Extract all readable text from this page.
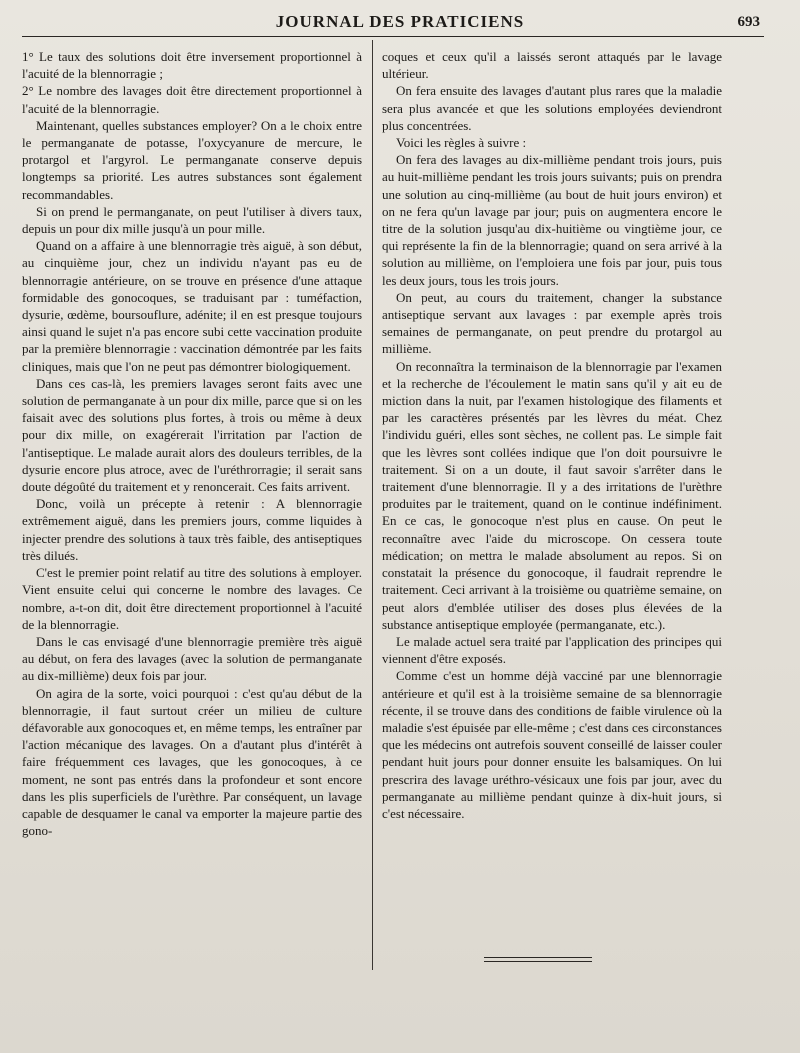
JOURNAL DES PRATICIENS	693

1° Le taux des solutions doit être inversement proportionnel à l'acuité de la blennorragie ;

2° Le nombre des lavages doit être directement proportionnel à l'acuité de la blennorragie.

Maintenant, quelles substances employer? On a le choix entre le permanganate de potasse, l'oxycyanure de mercure, le protargol et l'argyrol. Le permanganate conserve depuis longtemps sa priorité. Les autres substances sont également recommandables.

Si on prend le permanganate, on peut l'utiliser à divers taux, depuis un pour dix mille jusqu'à un pour mille.

Quand on a affaire à une blennorragie très aiguë, à son début, au cinquième jour, chez un individu n'ayant pas eu de blennorragie antérieure, on se trouve en présence d'une attaque formidable des gonocoques, se traduisant par : tuméfaction, dysurie, œdème, boursouflure, adénite; il en est presque toujours ainsi quand le sujet n'a pas encore subi cette vaccination produite par la première blennorragie : vaccination démontrée par les faits cliniques, mais que l'on ne peut pas démontrer biologiquement.

Dans ces cas-là, les premiers lavages seront faits avec une solution de permanganate à un pour dix mille, parce que si on les faisait avec des solutions plus fortes, à trois ou même à deux pour dix mille, on exagérerait l'irritation par l'action de l'antiseptique. Le malade aurait alors des douleurs terribles, de la dysurie encore plus atroce, avec de l'uréthrorragie; il serait sans doute dégoûté du traitement et y renoncerait. Ces faits arrivent.

Donc, voilà un précepte à retenir : A blennorragie extrêmement aiguë, dans les premiers jours, comme liquides à injecter prendre des solutions à taux très faible, des antiseptiques très dilués.

C'est le premier point relatif au titre des solutions à employer. Vient ensuite celui qui concerne le nombre des lavages. Ce nombre, a-t-on dit, doit être directement proportionnel à l'acuité de la blennorragie.

Dans le cas envisagé d'une blennorragie première très aiguë au début, on fera des lavages (avec la solution de permanganate au dix-millième) deux fois par jour.

On agira de la sorte, voici pourquoi : c'est qu'au début de la blennorragie, il faut surtout créer un milieu de culture défavorable aux gonocoques et, en même temps, les entraîner par l'action mécanique des lavages. On a d'autant plus d'intérêt à faire fréquemment ces lavages, que les gonocoques, à ce moment, ne sont pas entrés dans la profondeur et sont encore dans les plis superficiels de l'urèthre. Par conséquent, un lavage capable de desquamer le canal va emporter la majeure partie des gono-

coques et ceux qu'il a laissés seront attaqués par le lavage ultérieur.

On fera ensuite des lavages d'autant plus rares que la maladie sera plus avancée et que les solutions employées deviendront plus concentrées.

Voici les règles à suivre :

On fera des lavages au dix-millième pendant trois jours, puis au huit-millième pendant les trois jours suivants; puis on prendra une solution au cinq-millième (au bout de huit jours environ) et on ne fera qu'un lavage par jour; puis on augmentera encore le titre de la solution jusqu'au dix-huitième ou vingtième jour, ce qui représente la fin de la blennorragie; quand on sera arrivé à la solution au millième, on l'emploiera une fois par jour, puis tous les deux jours, tous les trois jours.

On peut, au cours du traitement, changer la substance antiseptique servant aux lavages : par exemple après trois semaines de permanganate, on peut prendre du protargol au millième.

On reconnaîtra la terminaison de la blennorragie par l'examen et la recherche de l'écoulement le matin sans qu'il y ait eu de miction dans la nuit, par l'examen histologique des filaments et par les caractères présentés par les lèvres du méat. Chez l'individu guéri, elles sont sèches, ne collent pas. Le simple fait que les lèvres sont collées indique que l'on doit poursuivre le traitement. Si on a un doute, il faut savoir s'arrêter dans le traitement d'une blennorragie. Il y a des irritations de l'urèthre produites par le traitement, quand on le continue indéfiniment. En ce cas, le gonocoque n'est plus en cause. On peut le reconnaître avec l'aide du microscope. On cessera toute médication; on mettra le malade absolument au repos. Si on constatait la présence du gonocoque, il faudrait reprendre le traitement. Ceci arrivant à la troisième ou quatrième semaine, on peut alors d'emblée utiliser des doses plus élevées de la substance antiseptique employée (permanganate, etc.).

Le malade actuel sera traité par l'application des principes qui viennent d'être exposés.

Comme c'est un homme déjà vacciné par une blennorragie antérieure et qu'il est à la troisième semaine de sa blennorragie récente, il se trouve dans des conditions de faible virulence où la maladie s'est épuisée par elle-même ; c'est dans ces circonstances que les médecins ont autrefois souvent conseillé de laisser couler pendant huit jours pour donner ensuite les balsamiques. On lui prescrira des lavage uréthro-vésicaux une fois par jour, avec du permanganate au millième pendant quinze à dix-huit jours, si c'est nécessaire.
